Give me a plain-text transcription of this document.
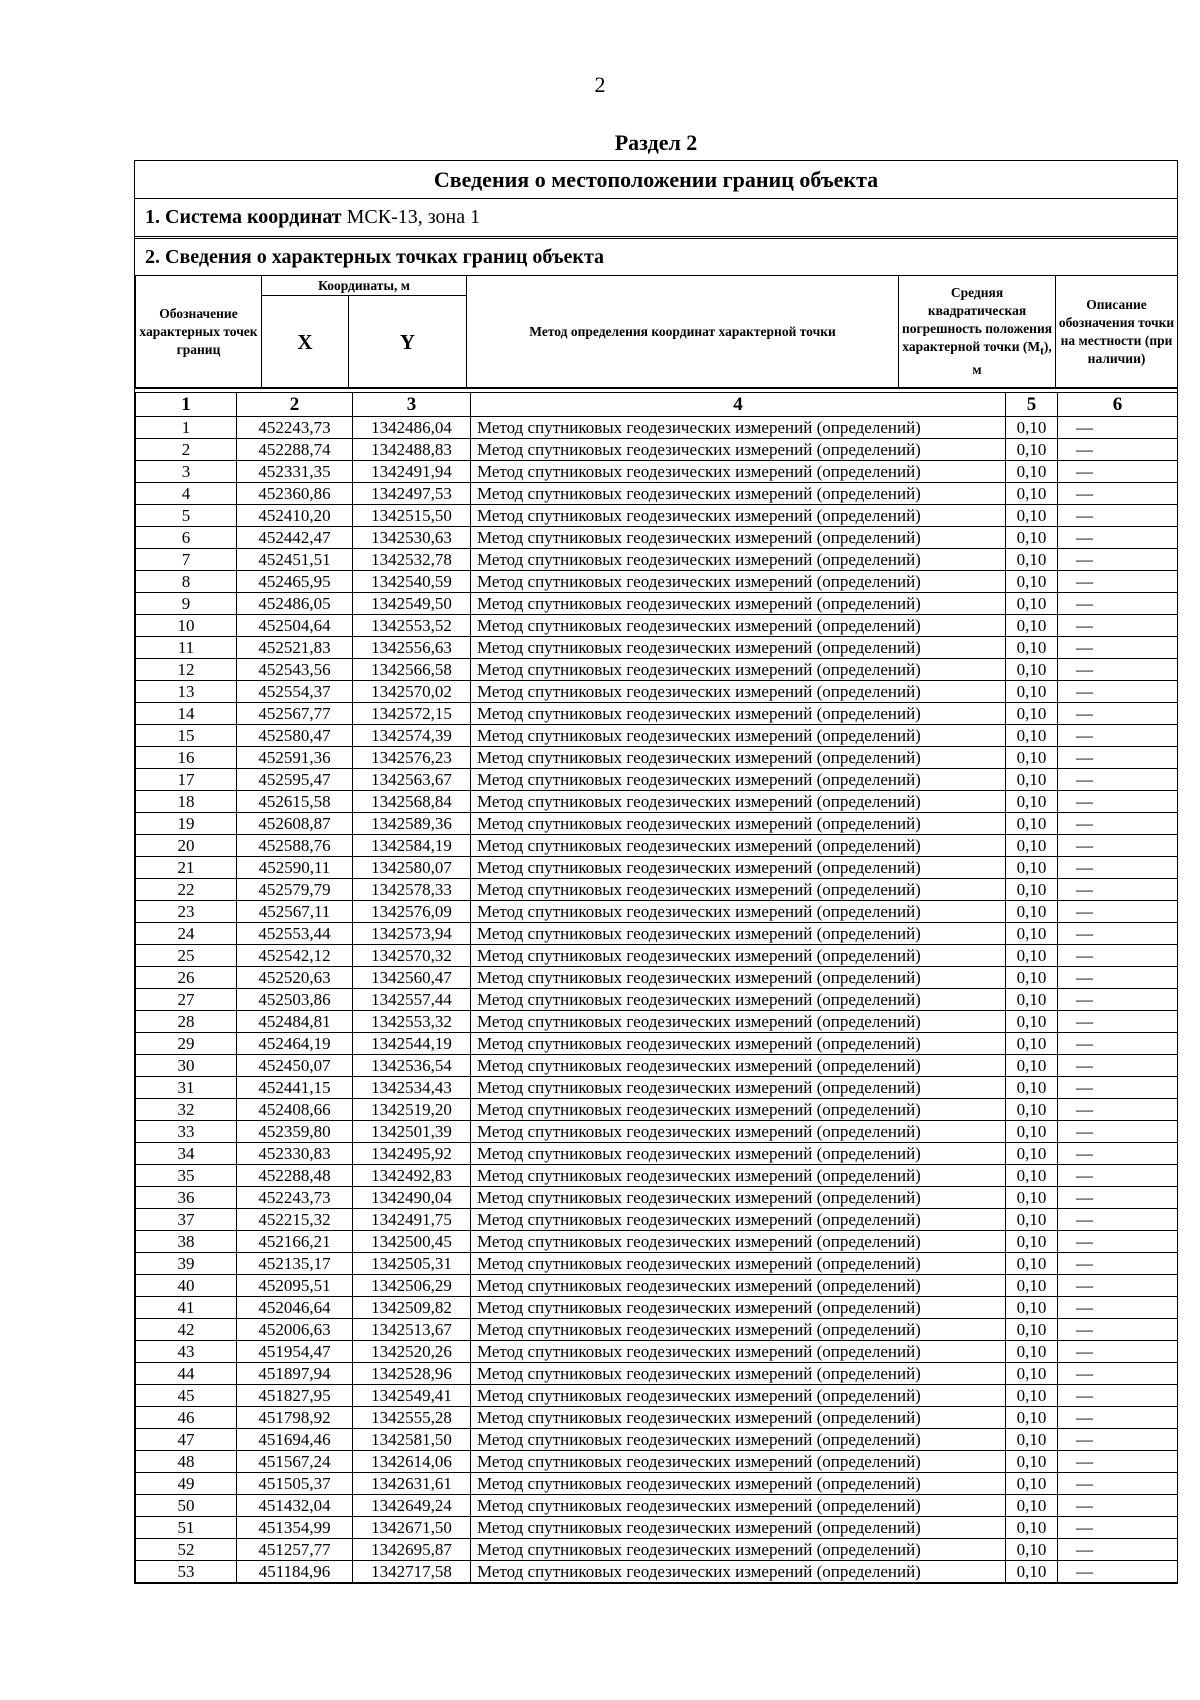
2
Раздел 2
Сведения о местоположении границ объекта
1. Система координат МСК-13, зона 1
2. Сведения о характерных точках границ объекта
Обозначение характерных точек границ	Координаты, м		Метод определения координат характерной точки	Средняя квадратическая погрешность положения характерной точки $(M_t)$, м	Описание обозначения точки на местности (при наличии)
	X	Y			
1	2	3	4	5	6
1	452243,73	1342486,04	Метод спутниковых геодезических измерений (определений)	0,10	—
2	452288,74	1342488,83	Метод спутниковых геодезических измерений (определений)	0,10	—
3	452331,35	1342491,94	Метод спутниковых геодезических измерений (определений)	0,10	—
4	452360,86	1342497,53	Метод спутниковых геодезических измерений (определений)	0,10	—
5	452410,20	1342515,50	Метод спутниковых геодезических измерений (определений)	0,10	—
6	452442,47	1342530,63	Метод спутниковых геодезических измерений (определений)	0,10	—
7	452451,51	1342532,78	Метод спутниковых геодезических измерений (определений)	0,10	—
8	452465,95	1342540,59	Метод спутниковых геодезических измерений (определений)	0,10	—
9	452486,05	1342549,50	Метод спутниковых геодезических измерений (определений)	0,10	—
10	452504,64	1342553,52	Метод спутниковых геодезических измерений (определений)	0,10	—
11	452521,83	1342556,63	Метод спутниковых геодезических измерений (определений)	0,10	—
12	452543,56	1342566,58	Метод спутниковых геодезических измерений (определений)	0,10	—
13	452554,37	1342570,02	Метод спутниковых геодезических измерений (определений)	0,10	—
14	452567,77	1342572,15	Метод спутниковых геодезических измерений (определений)	0,10	—
15	452580,47	1342574,39	Метод спутниковых геодезических измерений (определений)	0,10	—
16	452591,36	1342576,23	Метод спутниковых геодезических измерений (определений)	0,10	—
17	452595,47	1342563,67	Метод спутниковых геодезических измерений (определений)	0,10	—
18	452615,58	1342568,84	Метод спутниковых геодезических измерений (определений)	0,10	—
19	452608,87	1342589,36	Метод спутниковых геодезических измерений (определений)	0,10	—
20	452588,76	1342584,19	Метод спутниковых геодезических измерений (определений)	0,10	—
21	452590,11	1342580,07	Метод спутниковых геодезических измерений (определений)	0,10	—
22	452579,79	1342578,33	Метод спутниковых геодезических измерений (определений)	0,10	—
23	452567,11	1342576,09	Метод спутниковых геодезических измерений (определений)	0,10	—
24	452553,44	1342573,94	Метод спутниковых геодезических измерений (определений)	0,10	—
25	452542,12	1342570,32	Метод спутниковых геодезических измерений (определений)	0,10	—
26	452520,63	1342560,47	Метод спутниковых геодезических измерений (определений)	0,10	—
27	452503,86	1342557,44	Метод спутниковых геодезических измерений (определений)	0,10	—
28	452484,81	1342553,32	Метод спутниковых геодезических измерений (определений)	0,10	—
29	452464,19	1342544,19	Метод спутниковых геодезических измерений (определений)	0,10	—
30	452450,07	1342536,54	Метод спутниковых геодезических измерений (определений)	0,10	—
31	452441,15	1342534,43	Метод спутниковых геодезических измерений (определений)	0,10	—
32	452408,66	1342519,20	Метод спутниковых геодезических измерений (определений)	0,10	—
33	452359,80	1342501,39	Метод спутниковых геодезических измерений (определений)	0,10	—
34	452330,83	1342495,92	Метод спутниковых геодезических измерений (определений)	0,10	—
35	452288,48	1342492,83	Метод спутниковых геодезических измерений (определений)	0,10	—
36	452243,73	1342490,04	Метод спутниковых геодезических измерений (определений)	0,10	—
37	452215,32	1342491,75	Метод спутниковых геодезических измерений (определений)	0,10	—
38	452166,21	1342500,45	Метод спутниковых геодезических измерений (определений)	0,10	—
39	452135,17	1342505,31	Метод спутниковых геодезических измерений (определений)	0,10	—
40	452095,51	1342506,29	Метод спутниковых геодезических измерений (определений)	0,10	—
41	452046,64	1342509,82	Метод спутниковых геодезических измерений (определений)	0,10	—
42	452006,63	1342513,67	Метод спутниковых геодезических измерений (определений)	0,10	—
43	451954,47	1342520,26	Метод спутниковых геодезических измерений (определений)	0,10	—
44	451897,94	1342528,96	Метод спутниковых геодезических измерений (определений)	0,10	—
45	451827,95	1342549,41	Метод спутниковых геодезических измерений (определений)	0,10	—
46	451798,92	1342555,28	Метод спутниковых геодезических измерений (определений)	0,10	—
47	451694,46	1342581,50	Метод спутниковых геодезических измерений (определений)	0,10	—
48	451567,24	1342614,06	Метод спутниковых геодезических измерений (определений)	0,10	—
49	451505,37	1342631,61	Метод спутниковых геодезических измерений (определений)	0,10	—
50	451432,04	1342649,24	Метод спутниковых геодезических измерений (определений)	0,10	—
51	451354,99	1342671,50	Метод спутниковых геодезических измерений (определений)	0,10	—
52	451257,77	1342695,87	Метод спутниковых геодезических измерений (определений)	0,10	—
53	451184,96	1342717,58	Метод спутниковых геодезических измерений (определений)	0,10	—
